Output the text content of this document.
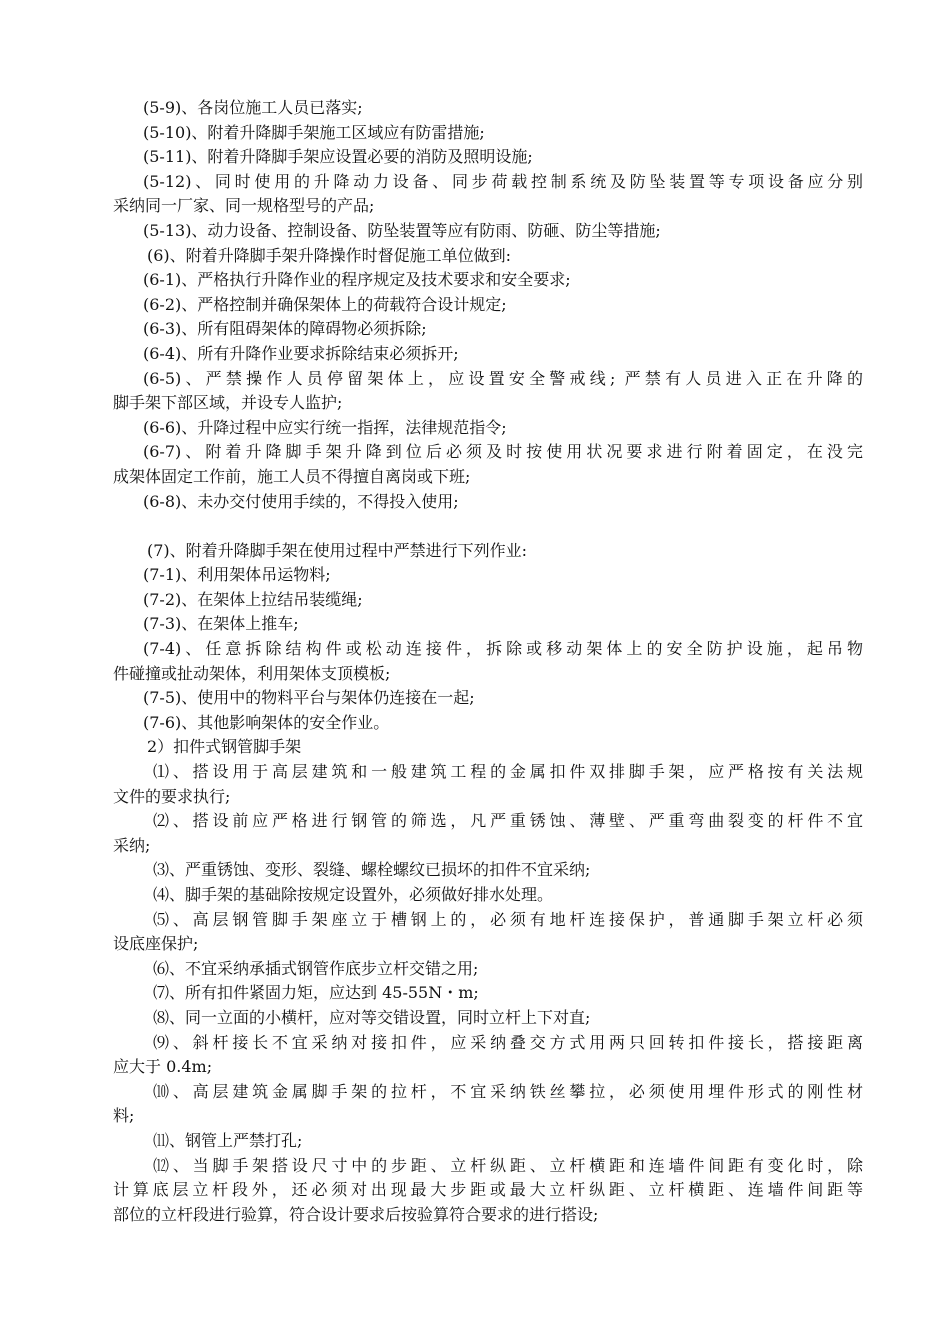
(5-9)、各岗位施工人员已落实;
(5-10)、附着升降脚手架施工区域应有防雷措施;
(5-11)、附着升降脚手架应设置必要的消防及照明设施;
(5-12)、同时使用的升降动力设备、同步荷载控制系统及防坠装置等专项设备应分别
采纳同一厂家、同一规格型号的产品;
(5-13)、动力设备、控制设备、防坠装置等应有防雨、防砸、防尘等措施;
(6)、附着升降脚手架升降操作时督促施工单位做到:
(6-1)、严格执行升降作业的程序规定及技术要求和安全要求;
(6-2)、严格控制并确保架体上的荷载符合设计规定;
(6-3)、所有阻碍架体的障碍物必须拆除;
(6-4)、所有升降作业要求拆除结束必须拆开;
(6-5)、严禁操作人员停留架体上，应设置安全警戒线; 严禁有人员进入正在升降的
脚手架下部区域，并设专人监护;
(6-6)、升降过程中应实行统一指挥，法律规范指令;
(6-7)、附着升降脚手架升降到位后必须及时按使用状况要求进行附着固定，在没完
成架体固定工作前，施工人员不得擅自离岗或下班;
(6-8)、未办交付使用手续的，不得投入使用;
(7)、附着升降脚手架在使用过程中严禁进行下列作业:
(7-1)、利用架体吊运物料;
(7-2)、在架体上拉结吊装缆绳;
(7-3)、在架体上推车;
(7-4)、任意拆除结构件或松动连接件，拆除或移动架体上的安全防护设施，起吊物
件碰撞或扯动架体，利用架体支顶模板;
(7-5)、使用中的物料平台与架体仍连接在一起;
(7-6)、其他影响架体的安全作业。
2）扣件式钢管脚手架
⑴、搭设用于高层建筑和一般建筑工程的金属扣件双排脚手架，应严格按有关法规
文件的要求执行;
⑵、搭设前应严格进行钢管的筛选，凡严重锈蚀、薄壁、严重弯曲裂变的杆件不宜
采纳;
⑶、严重锈蚀、变形、裂缝、螺栓螺纹已损坏的扣件不宜采纳;
⑷、脚手架的基础除按规定设置外，必须做好排水处理。
⑸、高层钢管脚手架座立于槽钢上的，必须有地杆连接保护，普通脚手架立杆必须
设底座保护;
⑹、不宜采纳承插式钢管作底步立杆交错之用;
⑺、所有扣件紧固力矩，应达到 45-55N・m;
⑻、同一立面的小横杆，应对等交错设置，同时立杆上下对直;
⑼、斜杆接长不宜采纳对接扣件，应采纳叠交方式用两只回转扣件接长，搭接距离
应大于 0.4m;
⑽、高层建筑金属脚手架的拉杆，不宜采纳铁丝攀拉，必须使用埋件形式的刚性材
料;
⑾、钢管上严禁打孔;
⑿、当脚手架搭设尺寸中的步距、立杆纵距、立杆横距和连墙件间距有变化时，除
计算底层立杆段外，还必须对出现最大步距或最大立杆纵距、立杆横距、连墙件间距等
部位的立杆段进行验算，符合设计要求后按验算符合要求的进行搭设;
